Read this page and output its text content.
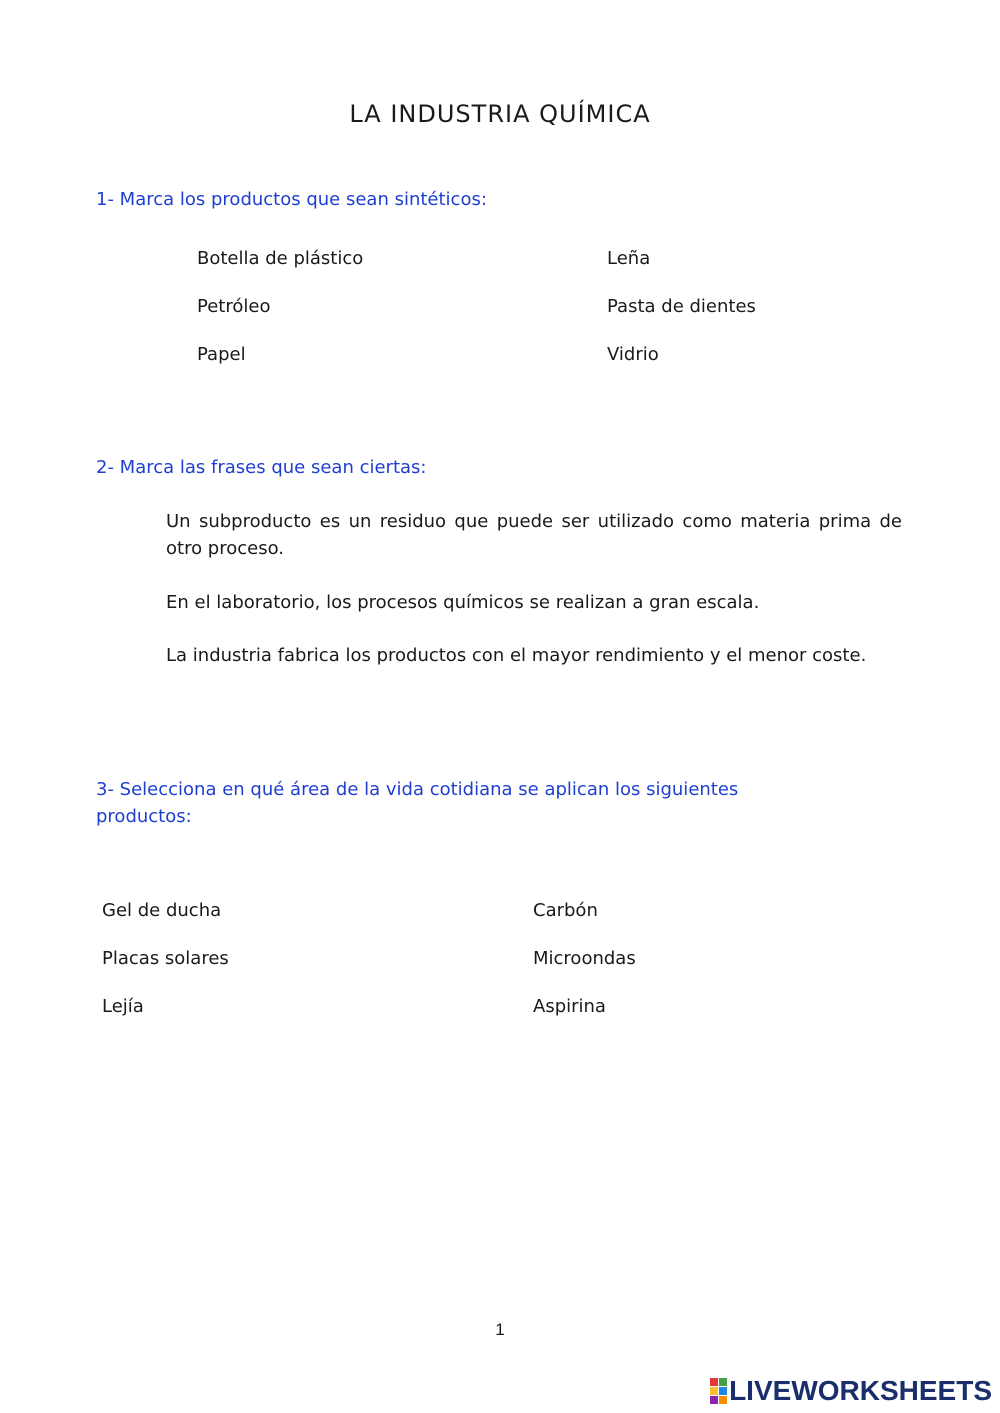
LA INDUSTRIA QUÍMICA
1- Marca los productos que sean sintéticos:
Botella de plástico
Petróleo
Papel
Leña
Pasta de dientes
Vidrio
2- Marca las frases que sean ciertas:
Un subproducto es un residuo que puede ser utilizado como materia prima de otro proceso.
En el laboratorio, los procesos químicos se realizan a gran escala.
La industria fabrica los productos con el mayor rendimiento y el menor coste.
3- Selecciona en qué área de la vida cotidiana se aplican los siguientes productos:
Gel de ducha
Placas solares
Lejía
Carbón
Microondas
Aspirina
1
LIVEWORKSHEETS
